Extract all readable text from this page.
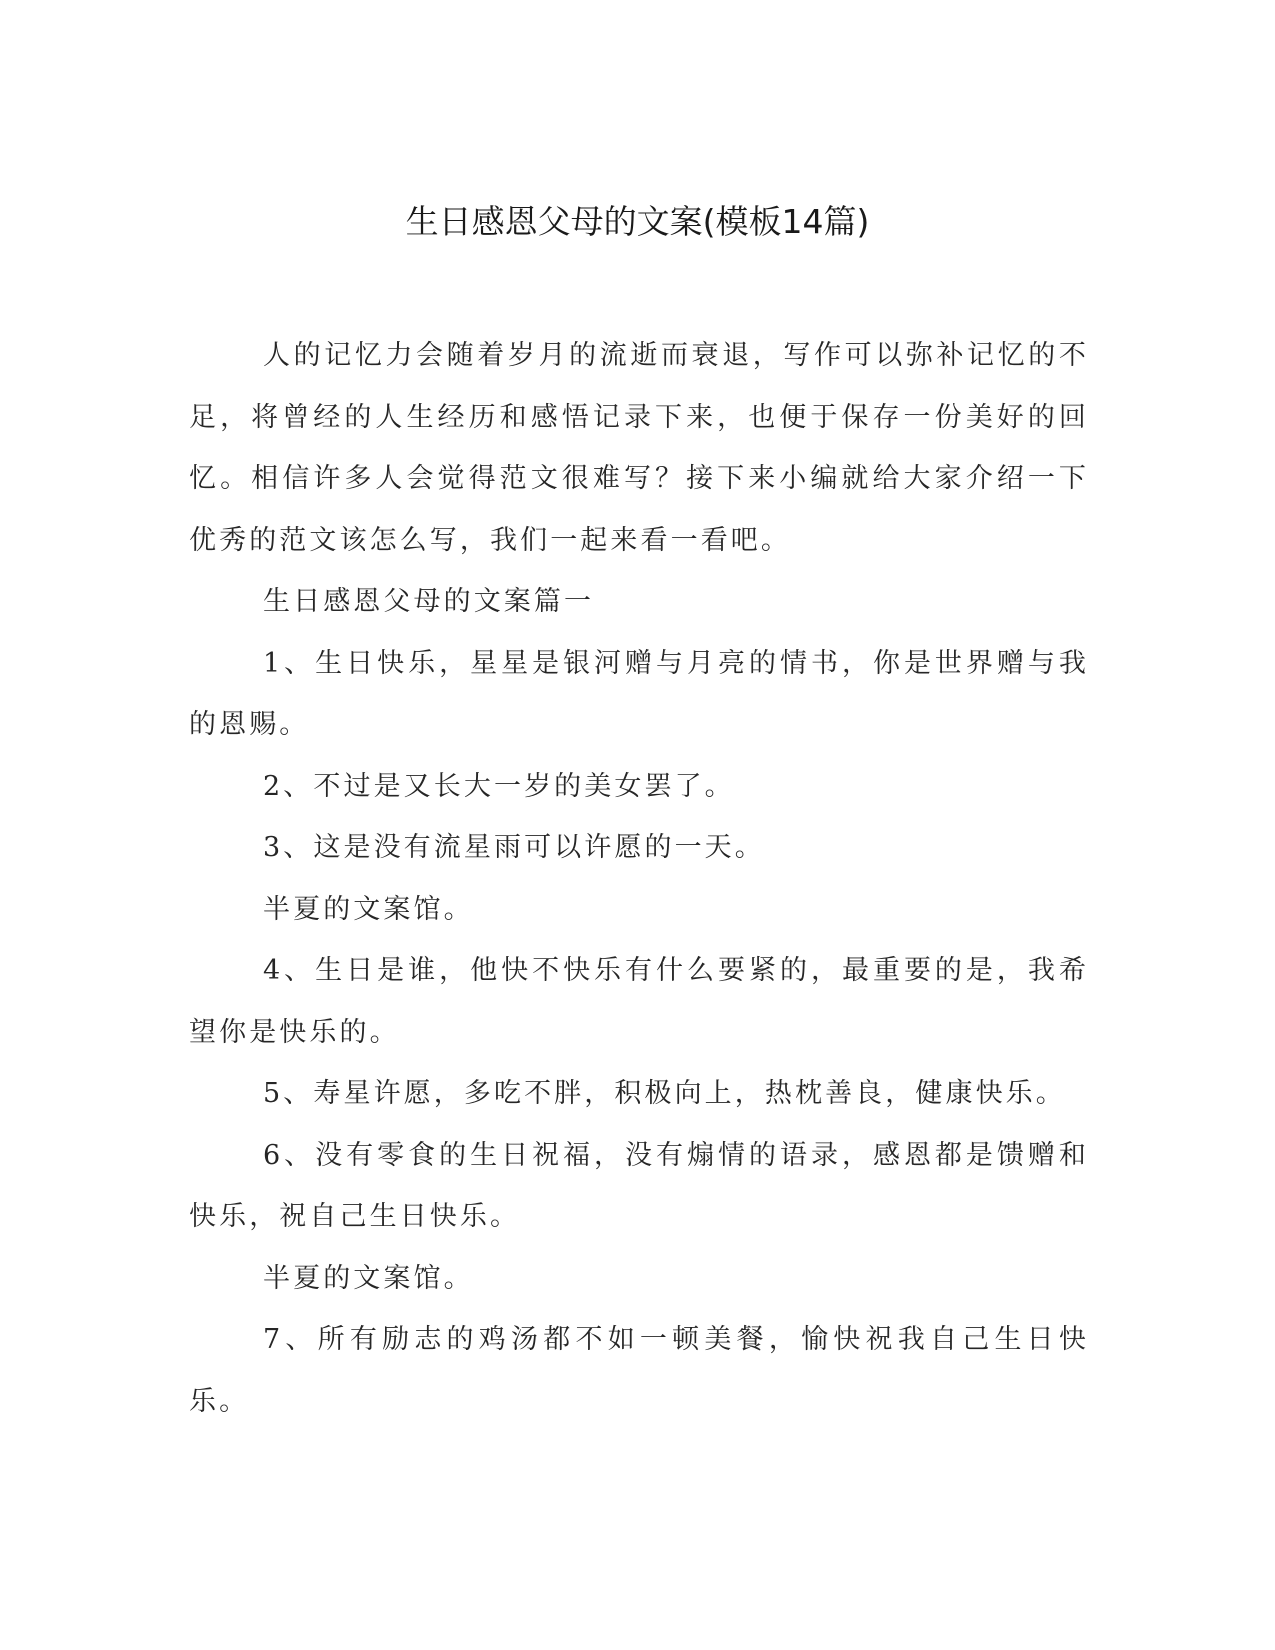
生日感恩父母的文案(模板14篇)

人的记忆力会随着岁月的流逝而衰退，写作可以弥补记忆的不足，将曾经的人生经历和感悟记录下来，也便于保存一份美好的回忆。相信许多人会觉得范文很难写？接下来小编就给大家介绍一下优秀的范文该怎么写，我们一起来看一看吧。

生日感恩父母的文案篇一

1、生日快乐，星星是银河赠与月亮的情书，你是世界赠与我的恩赐。

2、不过是又长大一岁的美女罢了。

3、这是没有流星雨可以许愿的一天。

半夏的文案馆。

4、生日是谁，他快不快乐有什么要紧的，最重要的是，我希望你是快乐的。

5、寿星许愿，多吃不胖，积极向上，热枕善良，健康快乐。

6、没有零食的生日祝福，没有煽情的语录，感恩都是馈赠和快乐，祝自己生日快乐。

半夏的文案馆。

7、所有励志的鸡汤都不如一顿美餐，愉快祝我自己生日快乐。
